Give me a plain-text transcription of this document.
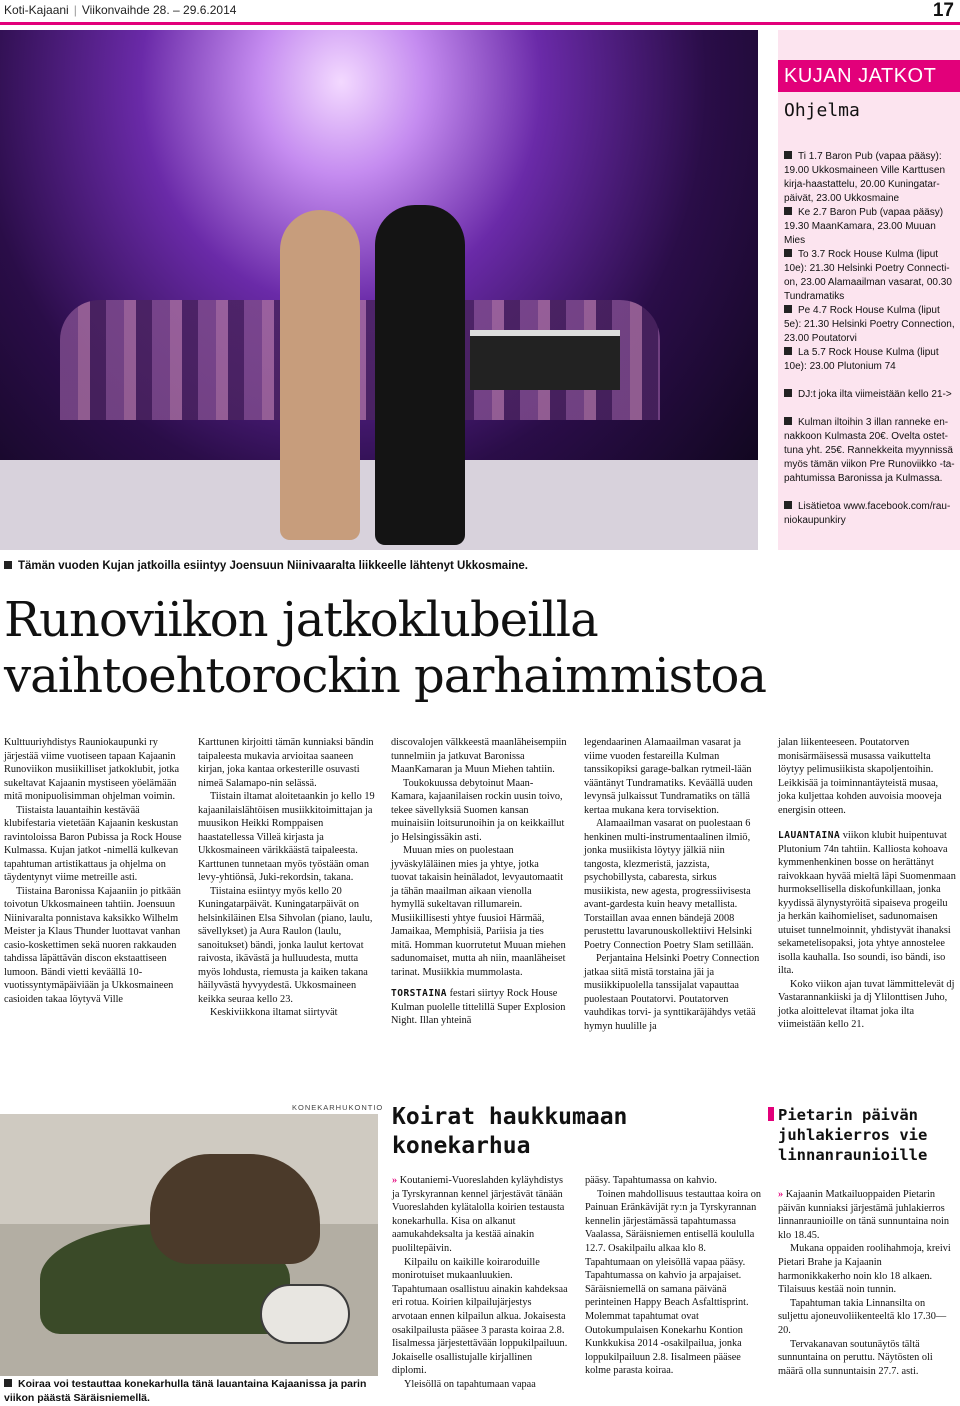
Koti-Kajaani | Viikonvaihde 28. – 29.6.2014	17
KUJAN JATKOT
Ohjelma

Ti 1.7 Baron Pub (vapaa pääsy): 19.00 Ukkosmaineen Ville Karttusen kirja-haastattelu, 20.00 Kuningatar-päivät, 23.00 Ukkosmaine

Ke 2.7 Baron Pub (vapaa pääsy) 19.30 MaanKamara, 23.00 Muuan Mies

To 3.7 Rock House Kulma (liput 10e): 21.30 Helsinki Poetry Connecti-on, 23.00 Alamaailman vasarat, 00.30 Tundramatiks

Pe 4.7 Rock House Kulma (liput 5e): 21.30 Helsinki Poetry Connection, 23.00 Poutatorvi

La 5.7 Rock House Kulma (liput 10e): 23.00 Plutonium 74

DJ:t joka ilta viimeistään kello 21->

Kulman iltoihin 3 illan ranneke en-nakkoon Kulmasta 20€. Ovelta ostet-tuna yht. 25€. Rannekkeita myynnissä myös tämän viikon Pre Runoviikko -ta-pahtumissa Baronissa ja Kulmassa.

Lisätietoa www.facebook.com/rau-niokaupunkiry

Tämän vuoden Kujan jatkoilla esiintyy Joensuun Niinivaaralta liikkeelle lähtenyt Ukkosmaine.
Runoviikon jatkoklubeilla
vaihtoehtorockin parhaimmistoa

Kulttuuriyhdistys Rauniokaupunki ry järjestää viime vuotiseen tapaan Kajaanin Runoviikon musiikilliset jatkoklubit, jotka sukeltavat Kajaanin mystiseen yöelämään mitä monipuolisimman ohjelman voimin.

Tiistaista lauantaihin kestävää klubifestaria vietetään Kajaanin keskustan ravintoloissa Baron Pubissa ja Rock House Kulmassa. Kujan jatkot -nimellä kulkevan tapahtuman artistikattaus ja ohjelma on täydentynyt viime metreille asti.

Tiistaina Baronissa Kajaaniin jo pitkään toivotun Ukkosmaineen tahtiin. Joensuun Niinivaralta ponnistava kaksikko Wilhelm Meister ja Klaus Thunder luottavat vanhan casio-koskettimen sekä nuoren rakkauden tahdissa läpättävän discon ekstaattiseen lumoon. Bändi vietti keväällä 10-vuotissyntymäpäiviään ja Ukkosmaineen casioiden takaa löytyvä Ville

Karttunen kirjoitti tämän kunniaksi bändin taipaleesta mukavia arvioitaa saaneen kirjan, joka kantaa orkesterille osuvasti nimeä Salamapo-nin selässä.

Tiistain iltamat aloitetaankin jo kello 19 kajaanilaislähtöisen musiikkitoimittajan ja muusikon Heikki Romppaisen haastatellessa Villeä kirjasta ja Ukkosmaineen värikkäästä taipaleesta. Karttunen tunnetaan myös työstään oman levy-yhtiönsä, Juki-rekordsin, takana.

Tiistaina esiintyy myös kello 20 Kuningatarpäivät. Kuningatarpäivät on helsinkiläinen Elsa Sihvolan (piano, laulu, sävellykset) ja Aura Raulon (laulu, sanoitukset) bändi, jonka laulut kertovat raivosta, ikävästä ja hulluudesta, mutta myös lohdusta, riemusta ja kaiken takana häilyvästä hyvyydestä. Ukkosmaineen keikka seuraa kello 23.

Keskiviikkona iltamat siirtyvät

discovalojen välkkeestä maanläheisempiin tunnelmiin ja jatkuvat Baronissa MaanKamaran ja Muun Miehen tahtiin.

Toukokuussa debytoinut Maan-Kamara, kajaanilaisen rockin uusin toivo, tekee sävellyksiä Suomen kansan muinaisiin loitsurunoihin ja on keikkaillut jo Helsingissäkin asti.

Muuan mies on puolestaan jyväskyläläinen mies ja yhtye, jotka tuovat takaisin heinäladot, levyautomaatit ja tähän maailman aikaan vienolla hymyllä sukeltavan rillumarein. Musiikillisesti yhtye fuusioi Härmää, Jamaikaa, Memphisiä, Pariisia ja ties mitä. Homman kuorrutetut Muuan miehen sadunomaiset, mutta ah niin, maanläheiset tarinat. Musiikkia mummolasta.

TORSTAINA festari siirtyy Rock House Kulman puolelle tittelillä Super Explosion Night. Illan yhteinä

legendaarinen Alamaailman vasarat ja viime vuoden festareilla Kulman tanssikopiksi garage-balkan rytmeil-lään vääntänyt Tundramatiks. Keväällä uuden levynsä julkaissut Tundramatiks on tällä kertaa mukana kera torvisektion.

Alamaailman vasarat on puolestaan 6 henkinen multi-instrumentaalinen ilmiö, jonka musiikista löytyy jälkiä niin tangosta, klezmeristä, jazzista, psychobillysta, cabaresta, sirkus musiikista, new agesta, progressiivisesta avant-gardesta kuin heavy metallista. Torstaillan avaa ennen bändejä 2008 perustettu lavarunouskollektiivi Helsinki Poetry Connection Poetry Slam setillään.

Perjantaina Helsinki Poetry Connection jatkaa siitä mistä torstaina jäi ja musiikkipuolella tanssijalat vapauttaa puolestaan Poutatorvi. Poutatorven vauhdikas torvi- ja synttikaräjähdys vetää hymyn huulille ja

jalan liikenteeseen. Poutatorven monisärmäisessä musassa vaikuttelta löytyy pelimusiikista skapoljentoihin. Leikkisää ja toiminnantäyteistä musaa, joka kuljettaa kohden auvoisia mooveja energisin otteen.

LAUANTAINA viikon klubit huipentuvat Plutonium 74n tahtiin. Kalliosta kohoava kymmenhenkinen bosse on herättänyt raivokkaan hyvää mieltä läpi Suomenmaan hurmoksellisella diskofunkillaan, jonka kyydissä älynystyröitä sipaiseva progeilu ja herkän kaihomieliset, sadunomaisen utuiset tunnelmoinnit, yhdistyvät ihanaksi sekametelisopaksi, jota yhtye annostelee isolla kauhalla. Iso soundi, iso bändi, iso ilta.

Koko viikon ajan tuvat lämmittelevät dj Vastarannankiiski ja dj Ylilonttisen Juho, jotka aloittelevat iltamat joka ilta viimeistään kello 21.

KONEKARHUKONTIO
Koiraa voi testauttaa konekarhulla tänä lauantaina Kajaanissa ja parin viikon päästä Säräisniemellä.
Koirat haukkumaan konekarhua

» Koutaniemi-Vuoreslahden kyläyhdistys ja Tyrskyrannan kennel järjestävät tänään Vuoreslahden kylätalolla koirien testausta konekarhulla. Kisa on alkanut aamukahdeksalta ja kestää ainakin puoliltepäivin.

Kilpailu on kaikille koiraroduille monirotuiset mukaanluukien. Tapahtumaan osallistuu ainakin kahdeksaa eri rotua. Koirien kilpailujärjestys arvotaan ennen kilpailun alkua. Jokaisesta osakilpailusta pääsee 3 parasta koiraa 2.8. Iisalmessa järjestettävään loppukilpailuun. Jokaiselle osallistujalle kirjallinen diplomi.

Yleisöllä on tapahtumaan vapaa

pääsy. Tapahtumassa on kahvio.

Toinen mahdollisuus testauttaa koira on Painuan Eränkävijät ry:n ja Tyrskyrannan kennelin järjestämässä tapahtumassa Vaalassa, Säräisniemen entisellä koululla 12.7. Osakilpailu alkaa klo 8. Tapahtumaan on yleisöllä vapaa pääsy. Tapahtumassa on kahvio ja arpajaiset. Säräisniemellä on samana päivänä perinteinen Happy Beach Asfalttisprint. Molemmat tapahtumat ovat Outokumpulaisen Konekarhu Kontion Kunkkukisa 2014 -osakilpailua, jonka loppukilpailuun 2.8. Iisalmeen pääsee kolme parasta koiraa.

Pietarin päivän juhlakierros vie linnanraunioille

» Kajaanin Matkailuoppaiden Pietarin päivän kunniaksi järjestämä juhlakierros linnanraunioille on tänä sunnuntaina noin klo 18.45.

Mukana oppaiden roolihahmoja, kreivi Pietari Brahe ja Kajaanin harmonikkakerho noin klo 18 alkaen. Tilaisuus kestää noin tunnin.

Tapahtuman takia Linnansilta on suljettu ajoneuvoliikenteeltä klo 17.30—20.

Tervakanavan soutunäytös tältä sunnuntaina on peruttu. Näytösten oli määrä olla sunnuntaisin 27.7. asti.
